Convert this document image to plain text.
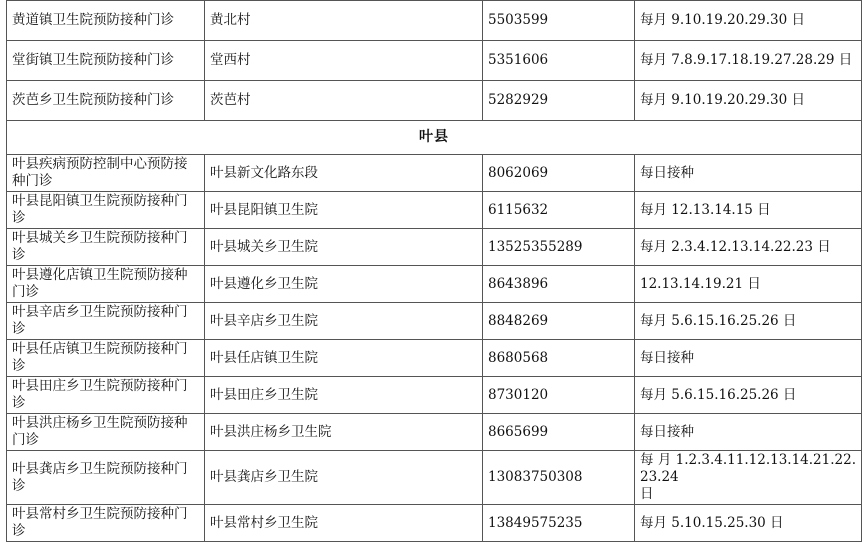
黄道镇卫生院预防接种门诊	黄北村	5503599	每月 9.10.19.20.29.30 日
堂街镇卫生院预防接种门诊	堂西村	5351606	每月 7.8.9.17.18.19.27.28.29 日
茨芭乡卫生院预防接种门诊	茨芭村	5282929	每月 9.10.19.20.29.30 日
叶县			
叶县疾病预防控制中心预防接种门诊	叶县新文化路东段	8062069	每日接种
叶县昆阳镇卫生院预防接种门诊	叶县昆阳镇卫生院	6115632	每月 12.13.14.15 日
叶县城关乡卫生院预防接种门诊	叶县城关乡卫生院	13525355289	每月 2.3.4.12.13.14.22.23 日
叶县遵化店镇卫生院预防接种门诊	叶县遵化乡卫生院	8643896	12.13.14.19.21 日
叶县辛店乡卫生院预防接种门诊	叶县辛店乡卫生院	8848269	每月 5.6.15.16.25.26 日
叶县任店镇卫生院预防接种门诊	叶县任店镇卫生院	8680568	每日接种
叶县田庄乡卫生院预防接种门诊	叶县田庄乡卫生院	8730120	每月 5.6.15.16.25.26 日
叶县洪庄杨乡卫生院预防接种门诊	叶县洪庄杨乡卫生院	8665699	每日接种
叶县龚店乡卫生院预防接种门诊	叶县龚店乡卫生院	13083750308	每 月 1.2.3.4.11.12.13.14.21.22.23.24
日

叶县常村乡卫生院预防接种门诊	叶县常村乡卫生院	13849575235	每月 5.10.15.25.30 日
